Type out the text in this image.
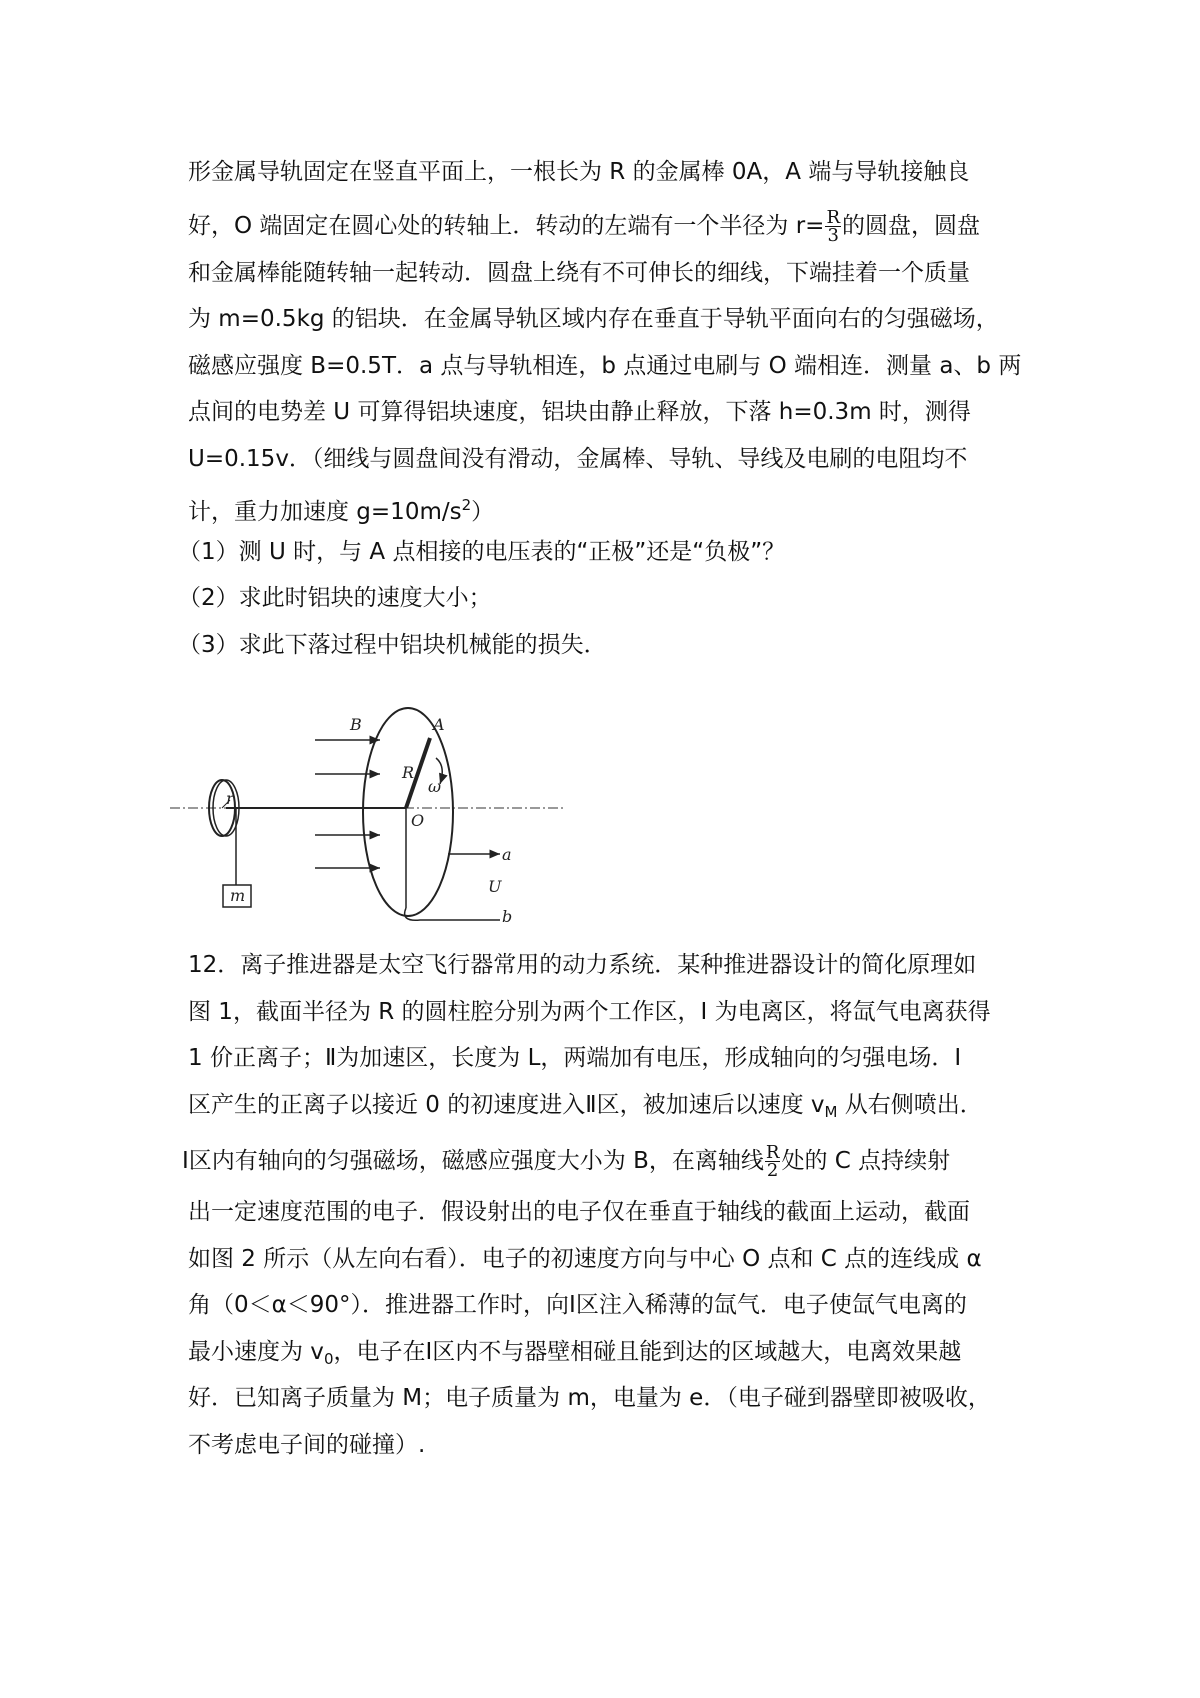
形金属导轨固定在竖直平面上，一根长为 R 的金属棒 0A，A 端与导轨接触良
好，O 端固定在圆心处的转轴上．转动的左端有一个半径为 $r= \frac{R}{3}$ 的圆盘，圆盘
和金属棒能随转轴一起转动．圆盘上绕有不可伸长的细线，下端挂着一个质量
为 m=0.5kg 的铝块．在金属导轨区域内存在垂直于导轨平面向右的匀强磁场，
磁感应强度 B=0.5T．a 点与导轨相连，b 点通过电刷与 O 端相连．测量 a、b 两
点间的电势差 U 可算得铝块速度，铝块由静止释放，下落 h=0.3m 时，测得
U=0.15v．（细线与圆盘间没有滑动，金属棒、导轨、导线及电刷的电阻均不
计，重力加速度 $g=10m/s^2$）
（1）测 U 时，与 A 点相接的电压表的“正极”还是“负极”？
（2）求此时铝块的速度大小；
（3）求此下落过程中铝块机械能的损失．
r
m
B	A
R
O
ω
a
U
b
12．离子推进器是太空飞行器常用的动力系统．某种推进器设计的简化原理如
图 1，截面半径为 R 的圆柱腔分别为两个工作区，I 为电离区，将氙气电离获得
1 价正离子；Ⅱ为加速区，长度为 L，两端加有电压，形成轴向的匀强电场．I
区产生的正离子以接近 0 的初速度进入Ⅱ区，被加速后以速度 $v_M$ 从右侧喷出．
Ⅰ区内有轴向的匀强磁场，磁感应强度大小为 B，在离轴线 $\frac{R}{2}$ 处的 C 点持续射
出一定速度范围的电子．假设射出的电子仅在垂直于轴线的截面上运动，截面
如图 2 所示（从左向右看）．电子的初速度方向与中心 O 点和 C 点的连线成 α
角（0＜α＜90°）．推进器工作时，向Ⅰ区注入稀薄的氙气．电子使氙气电离的
最小速度为 $v_0$，电子在Ⅰ区内不与器壁相碰且能到达的区域越大，电离效果越
好．已知离子质量为 M；电子质量为 m，电量为 e．（电子碰到器壁即被吸收，
不考虑电子间的碰撞）.
